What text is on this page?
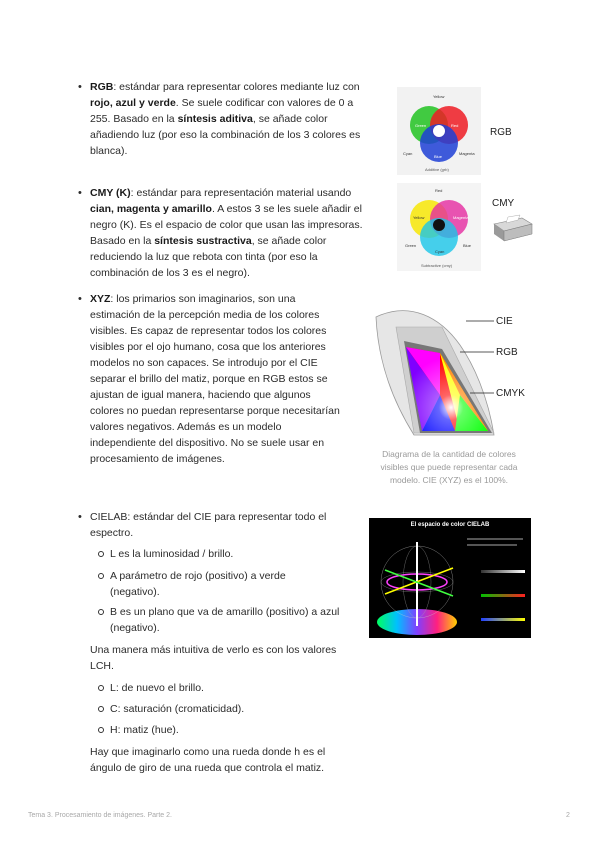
• RGB: estándar para representar colores mediante luz con rojo, azul y verde. Se suele codificar con valores de 0 a 255. Basado en la síntesis aditiva, se añade color añadiendo luz (por eso la combinación de los 3 colores es blanca).
Yellow
Green	Red
Blue
Cyan	Magenta
Additive (grb)
RGB
• CMY (K): estándar para representación material usando cian, magenta y amarillo. A estos 3 se les suele añadir el negro (K). Es el espacio de color que usan las impresoras. Basado en la síntesis sustractiva, se añade color reduciendo la luz que rebota con tinta (por eso la combinación de los 3 es el negro).
Red
Yellow	Magenta
Green	Blue
Cyan
Subtractive (cmy)
CMY
• XYZ: los primarios son imaginarios, son una estimación de la percepción media de los colores visibles. Es capaz de representar todos los colores visibles por el ojo humano, cosa que los anteriores modelos no son capaces. Se introdujo por el CIE separar el brillo del matiz, porque en RGB estos se ajustan de igual manera, haciendo que algunos colores no puedan representarse porque necesitarían valores negativos. Además es un modelo independiente del dispositivo. No se suele usar en procesamiento de imágenes.
CIE
RGB
CMYK
Diagrama de la cantidad de colores visibles que puede representar cada modelo. CIE (XYZ) es el 100%.
• CIELAB: estándar del CIE para representar todo el espectro.
L es la luminosidad / brillo.
A parámetro de rojo (positivo) a verde (negativo).
B es un plano que va de amarillo (positivo) a azul (negativo).
Una manera más intuitiva de verlo es con los valores LCH.
L: de nuevo el brillo.
C: saturación (cromaticidad).
H: matiz (hue).
Hay que imaginarlo como una rueda donde h es el ángulo de giro de una rueda que controla el matiz.
El espacio de color CIELAB
Tema 3. Procesamiento de imágenes. Parte 2.	2
